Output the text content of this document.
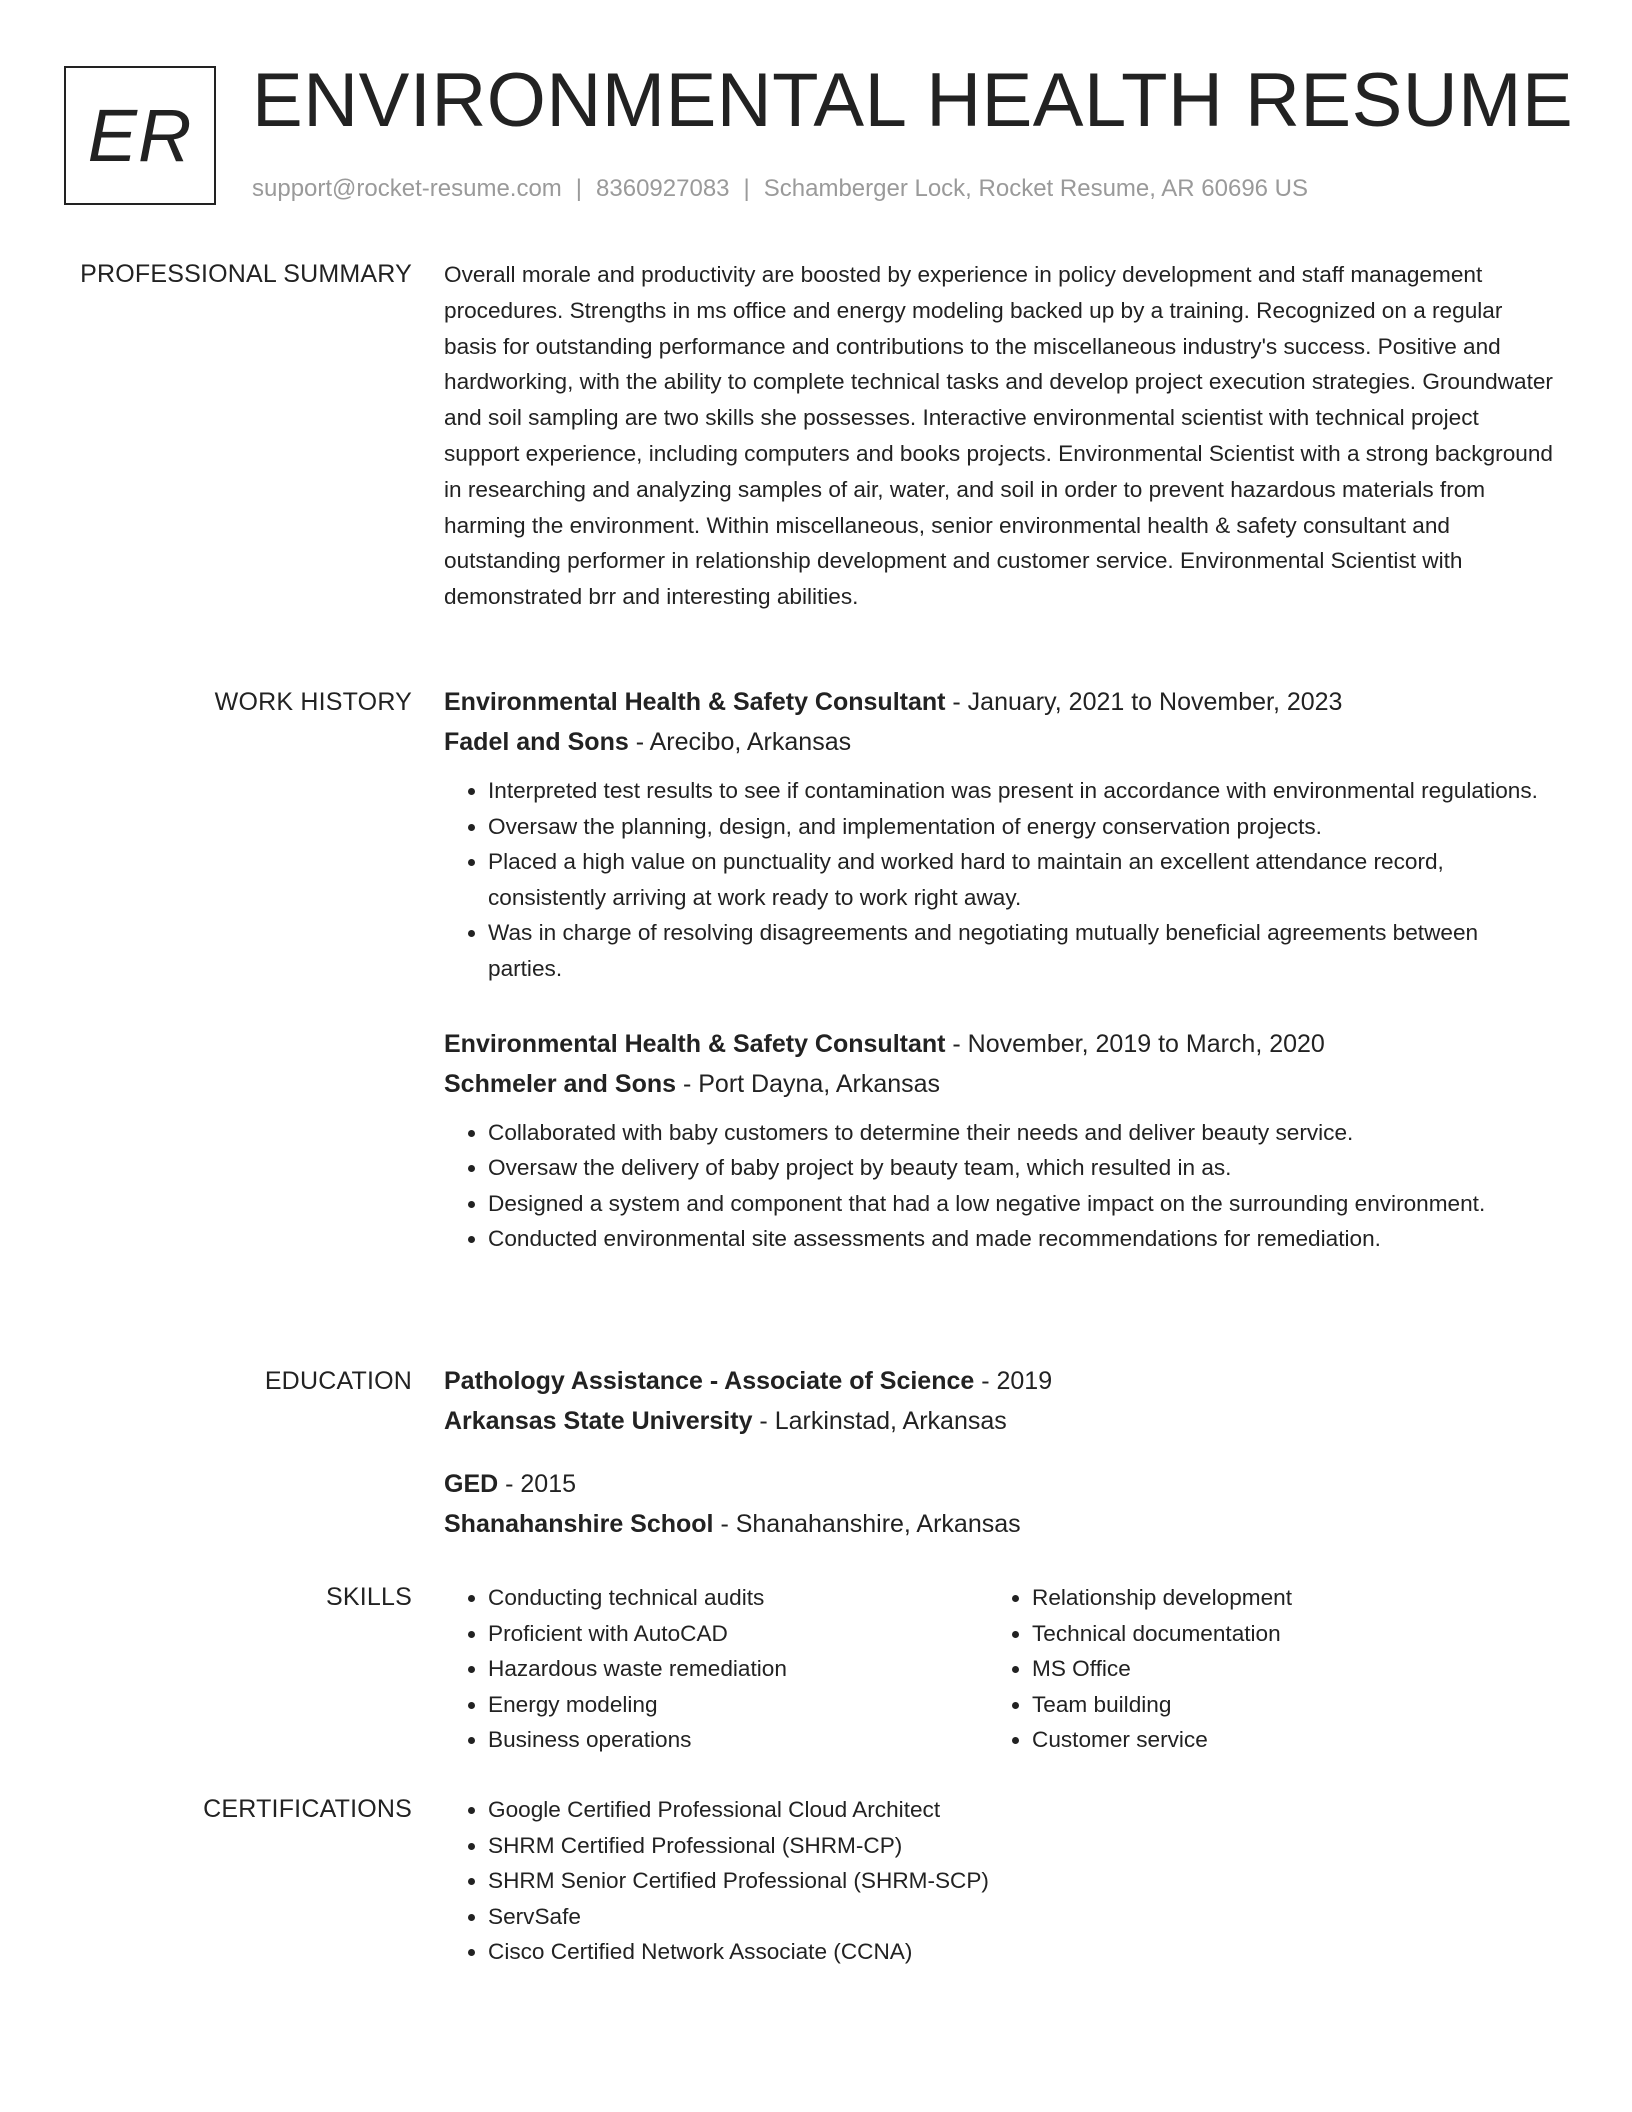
ER ENVIRONMENTAL HEALTH RESUME
support@rocket-resume.com | 8360927083 | Schamberger Lock, Rocket Resume, AR 60696 US
PROFESSIONAL SUMMARY Overall morale and productivity are boosted by experience in policy development and staff management procedures. Strengths in ms office and energy modeling backed up by a training. Recognized on a regular basis for outstanding performance and contributions to the miscellaneous industry's success. Positive and hardworking, with the ability to complete technical tasks and develop project execution strategies. Groundwater and soil sampling are two skills she possesses. Interactive environmental scientist with technical project support experience, including computers and books projects. Environmental Scientist with a strong background in researching and analyzing samples of air, water, and soil in order to prevent hazardous materials from harming the environment. Within miscellaneous, senior environmental health & safety consultant and outstanding performer in relationship development and customer service. Environmental Scientist with demonstrated brr and interesting abilities.

WORK HISTORY Environmental Health & Safety Consultant - January, 2021 to November, 2023
Fadel and Sons - Arecibo, Arkansas
• Interpreted test results to see if contamination was present in accordance with environmental regulations.
• Oversaw the planning, design, and implementation of energy conservation projects.
• Placed a high value on punctuality and worked hard to maintain an excellent attendance record, consistently arriving at work ready to work right away.
• Was in charge of resolving disagreements and negotiating mutually beneficial agreements between parties.
Environmental Health & Safety Consultant - November, 2019 to March, 2020
Schmeler and Sons - Port Dayna, Arkansas
• Collaborated with baby customers to determine their needs and deliver beauty service.
• Oversaw the delivery of baby project by beauty team, which resulted in as.
• Designed a system and component that had a low negative impact on the surrounding environment.
• Conducted environmental site assessments and made recommendations for remediation.
EDUCATION Pathology Assistance - Associate of Science - 2019
Arkansas State University - Larkinstad, Arkansas
GED - 2015
Shanahanshire School - Shanahanshire, Arkansas
SKILLS	• Conducting technical audits
• Proficient with AutoCAD
• Hazardous waste remediation
• Energy modeling
• Business operations
• Relationship development
• Technical documentation
• MS Office
• Team building
• Customer service
CERTIFICATIONS	• Google Certified Professional Cloud Architect
• SHRM Certified Professional (SHRM-CP)
• SHRM Senior Certified Professional (SHRM-SCP)
• ServSafe
• Cisco Certified Network Associate (CCNA)
